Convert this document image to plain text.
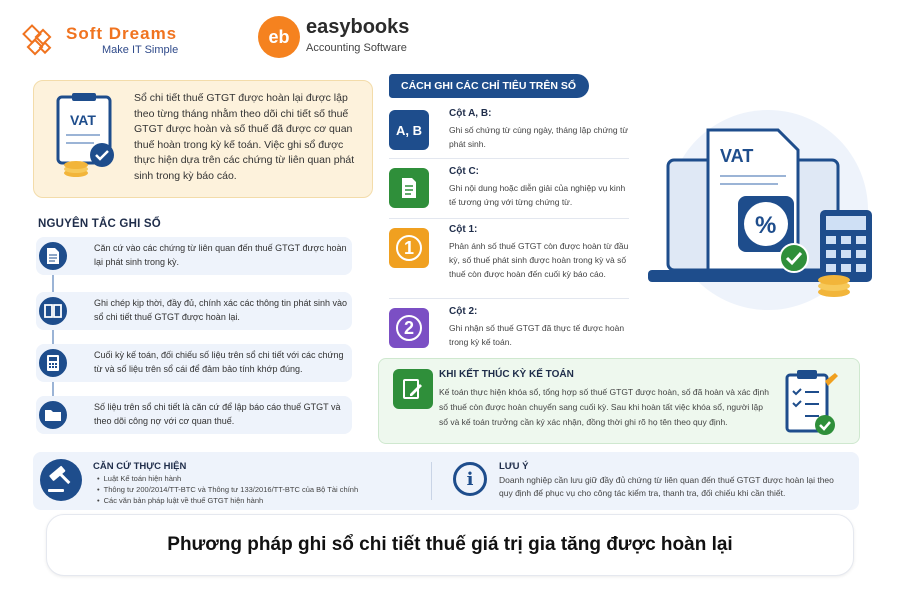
Soft Dreams
Make IT Simple
eb easybooks
Accounting Software
VAT

Sổ chi tiết thuế GTGT được hoàn lại được lập theo từng tháng nhằm theo dõi chi tiết số thuế GTGT được hoàn và số thuế đã được cơ quan thuế hoàn trong kỳ kế toán. Việc ghi sổ được thực hiện dựa trên các chứng từ liên quan phát sinh trong kỳ báo cáo.

NGUYÊN TẮC GHI SỔ
Căn cứ vào các chứng từ liên quan đến thuế GTGT được hoàn lại phát sinh trong kỳ.
Ghi chép kịp thời, đầy đủ, chính xác các thông tin phát sinh vào sổ chi tiết thuế GTGT được hoàn lại.
Cuối kỳ kế toán, đối chiếu số liệu trên sổ chi tiết với các chứng từ và số liệu trên sổ cái để đảm bảo tính khớp đúng.
Số liệu trên sổ chi tiết là căn cứ để lập báo cáo thuế GTGT và theo dõi công nợ với cơ quan thuế.
CÁCH GHI CÁC CHỈ TIÊU TRÊN SỔ
A, B
Cột A, B:
Ghi số chứng từ cùng ngày, tháng lập chứng từ phát sinh.
Cột C:
Ghi nội dung hoặc diễn giải của nghiệp vụ kinh tế tương ứng với từng chứng từ.
1
Cột 1:
Phản ánh số thuế GTGT còn được hoàn từ đầu kỳ, số thuế phát sinh được hoàn trong kỳ và số thuế còn được hoàn đến cuối kỳ báo cáo.
2
Cột 2:
Ghi nhận số thuế GTGT đã thực tế được hoàn trong kỳ kế toán.
VAT
%
KHI KẾT THÚC KỲ KẾ TOÁN
Kế toán thực hiện khóa sổ, tổng hợp số thuế GTGT được hoàn, số đã hoàn và xác định số thuế còn được hoàn chuyển sang cuối kỳ. Sau khi hoàn tất việc khóa sổ, người lập sổ và kế toán trưởng cần ký xác nhận, đồng thời ghi rõ họ tên theo quy định.
CĂN CỨ THỰC HIỆN
• Luật Kế toán hiện hành
• Thông tư 200/2014/TT-BTC và Thông tư 133/2016/TT-BTC của Bộ Tài chính
• Các văn bản pháp luật về thuế GTGT hiện hành
i
LƯU Ý
Doanh nghiệp cần lưu giữ đầy đủ chứng từ liên quan đến thuế GTGT được hoàn lại theo quy định để phục vụ cho công tác kiểm tra, thanh tra, đối chiếu khi cần thiết.
Phương pháp ghi sổ chi tiết thuế giá trị gia tăng được hoàn lại
